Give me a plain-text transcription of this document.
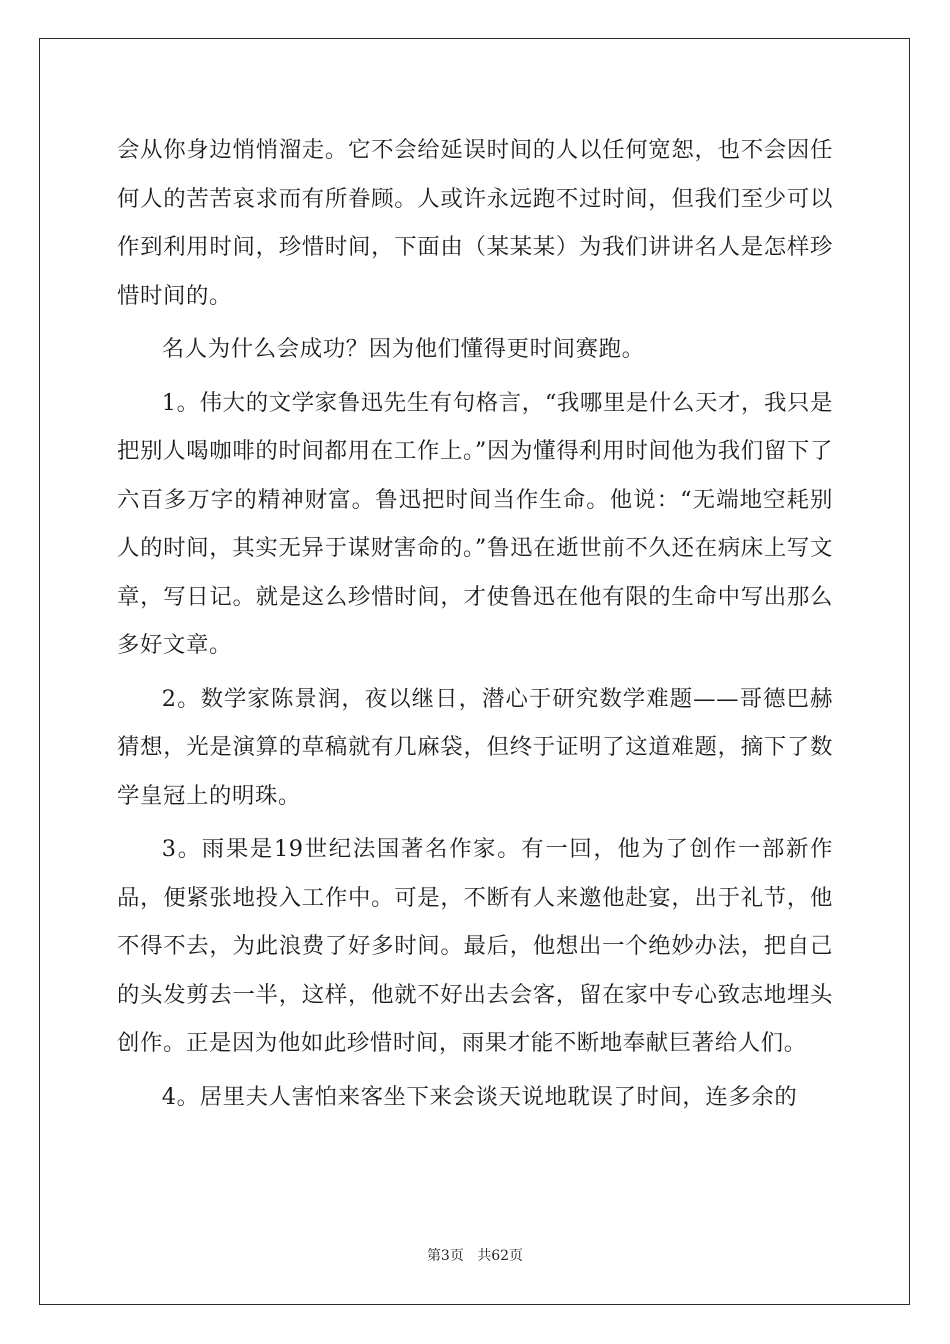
会从你身边悄悄溜走。它不会给延误时间的人以任何宽恕，也不会因任何人的苦苦哀求而有所眷顾。人或许永远跑不过时间，但我们至少可以作到利用时间，珍惜时间，下面由（某某某）为我们讲讲名人是怎样珍惜时间的。

名人为什么会成功？因为他们懂得更时间赛跑。

1。伟大的文学家鲁迅先生有句格言，“我哪里是什么天才，我只是把别人喝咖啡的时间都用在工作上。”因为懂得利用时间他为我们留下了六百多万字的精神财富。鲁迅把时间当作生命。他说：“无端地空耗别人的时间，其实无异于谋财害命的。”鲁迅在逝世前不久还在病床上写文章，写日记。就是这么珍惜时间，才使鲁迅在他有限的生命中写出那么多好文章。

2。数学家陈景润，夜以继日，潜心于研究数学难题——哥德巴赫猜想，光是演算的草稿就有几麻袋，但终于证明了这道难题，摘下了数学皇冠上的明珠。

3。雨果是19世纪法国著名作家。有一回，他为了创作一部新作品，便紧张地投入工作中。可是，不断有人来邀他赴宴，出于礼节，他不得不去，为此浪费了好多时间。最后，他想出一个绝妙办法，把自己的头发剪去一半，这样，他就不好出去会客，留在家中专心致志地埋头创作。正是因为他如此珍惜时间，雨果才能不断地奉献巨著给人们。

4。居里夫人害怕来客坐下来会谈天说地耽误了时间，连多余的

第3页 共62页
